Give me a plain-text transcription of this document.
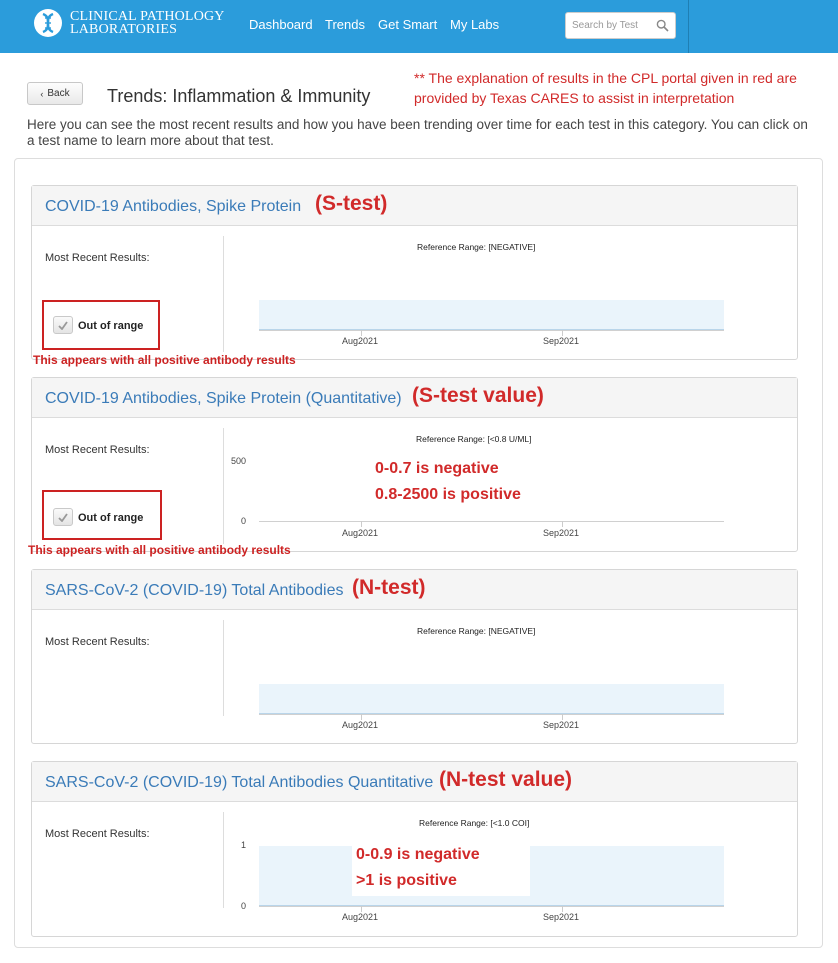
CLINICAL PATHOLOGY
LABORATORIES	Dashboard Trends Get Smart My Labs
Search by Test
‹ Back Trends: Inflammation & Immunity
** The explanation of results in the CPL portal given in red are provided by Texas CARES to assist in interpretation
Here you can see the most recent results and how you have been trending over time for each test in this category. You can click on a test name to learn more about that test.
COVID-19 Antibodies, Spike Protein (S-test)
Most Recent Results:
Reference Range: [NEGATIVE]
Aug2021	Sep2021
Out of range
This appears with all positive antibody results
COVID-19 Antibodies, Spike Protein (Quantitative) (S-test value)
Most Recent Results:
Reference Range: [<0.8 U/ML]
500
0
Aug2021	Sep2021
0-0.7 is negative
0.8-2500 is positive
Out of range
This appears with all positive antibody results
SARS-CoV-2 (COVID-19) Total Antibodies (N-test)
Most Recent Results:
Reference Range: [NEGATIVE]
Aug2021	Sep2021
SARS-CoV-2 (COVID-19) Total Antibodies Quantitative (N-test value)
Most Recent Results:
Reference Range: [<1.0 COI]
1
0
Aug2021	Sep2021
0-0.9 is negative
>1 is positive
